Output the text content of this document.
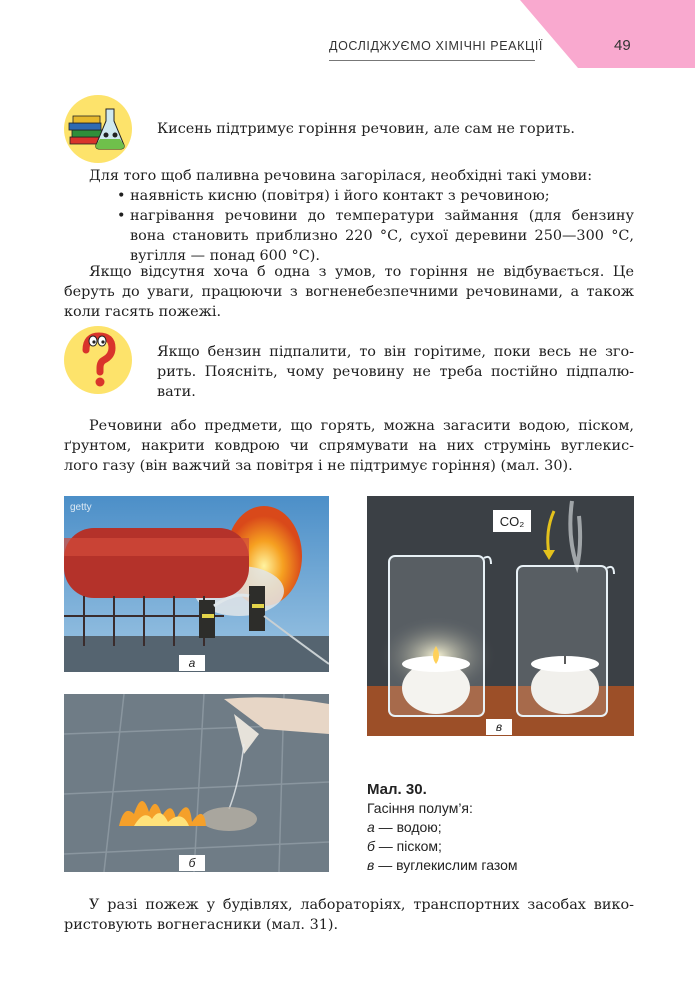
ДОСЛІДЖУЄМО ХІМІЧНІ РЕАКЦІЇ	49
Кисень підтримує горіння речовин, але сам не горить.
Для того щоб паливна речовина загорілася, необхідні такі умови:
• наявність кисню (повітря) і його контакт з речовиною;
• нагрівання речовини до температури займання (для бензину
вона становить приблизно 220 °С, сухої деревини 250—300 °С,
вугілля — понад 600 °С).
Якщо відсутня хоча б одна з умов, то горіння не відбувається. Це
беруть до уваги, працюючи з вогненебезпечними речовинами, а також
коли гасять пожежі.
Якщо бензин підпалити, то він горітиме, поки весь не зго-
рить. Поясніть, чому речовину не треба постійно підпалю-
вати.
Речовини або предмети, що горять, можна загасити водою, піском,
ґрунтом, накрити ковдрою чи спрямувати на них струмінь вуглекис-
лого газу (він важчий за повітря і не підтримує горіння) (мал. 30).
getty
а
б
CO₂
в
Мал. 30.
Гасіння полум’я:
а — водою;
б — піском;
в — вуглекислим газом
У разі пожеж у будівлях, лабораторіях, транспортних засобах вико-
ристовують вогнегасники (мал. 31).
